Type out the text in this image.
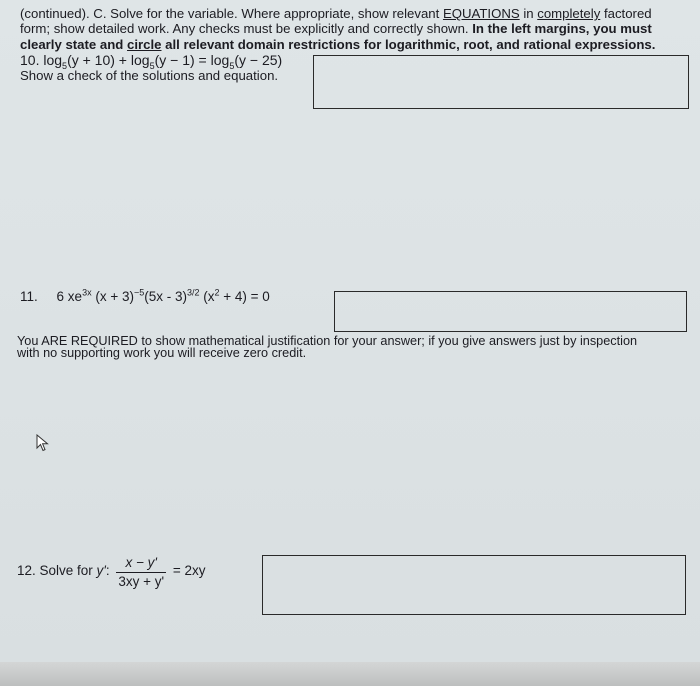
(continued). C. Solve for the variable. Where appropriate, show relevant EQUATIONS in completely factored
form; show detailed work. Any checks must be explicitly and correctly shown. In the left margins, you must
clearly state and circle all relevant domain restrictions for logarithmic, root, and rational expressions.
10. $\log_5(y + 10) + \log_5(y - 1) = \log_5(y - 25)$
Show a check of the solutions and equation.
11. 6 $xe^{3x}$ $(x + 3)^{-5}(5x - 3)^{3/2}$ $(x^2 + 4) = 0$
You ARE REQUIRED to show mathematical justification for your answer; if you give answers just by inspection
with no supporting work you will receive zero credit.
12. Solve for y': $\frac{x - y'}{3xy + y'} = 2xy$
